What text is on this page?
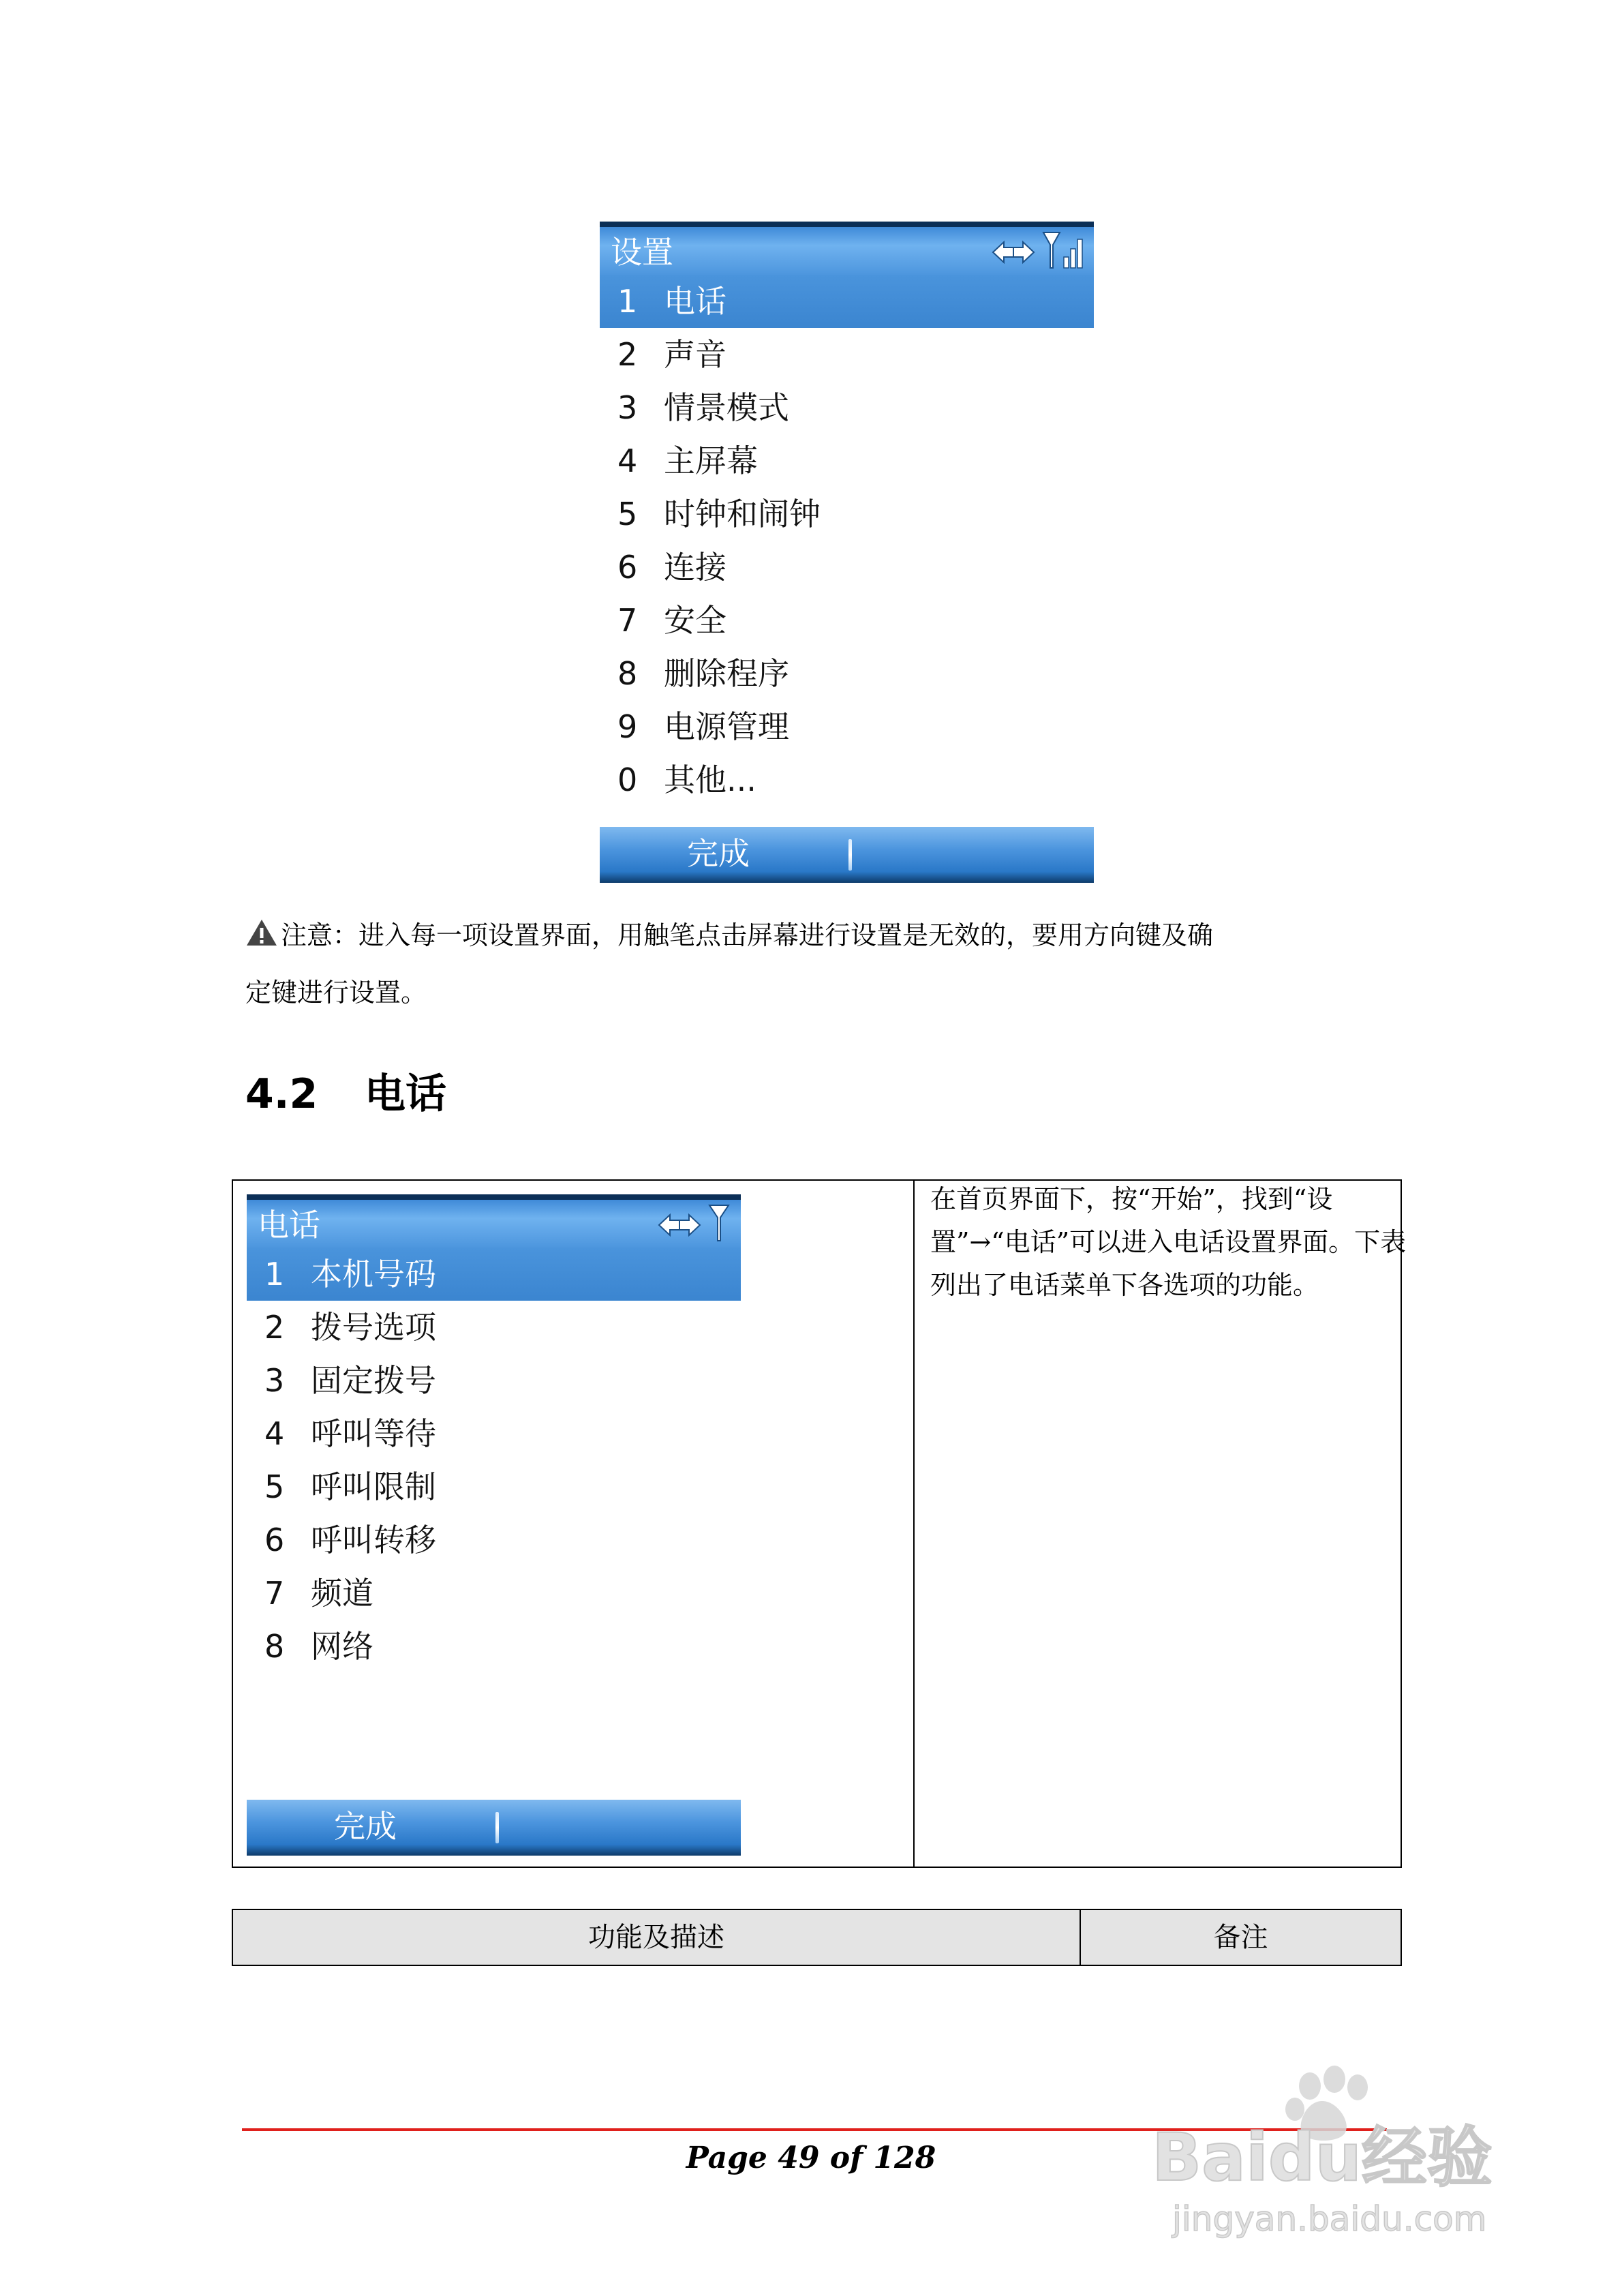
设置
1 电话
2 声音
3 情景模式
4 主屏幕
5 时钟和闹钟
6 连接
7 安全
8 删除程序
9 电源管理
0 其他...
完成
注意：进入每一项设置界面，用触笔点击屏幕进行设置是无效的，要用方向键及确
定键进行设置。
4.2 电话
电话
1 本机号码
2 拨号选项
3 固定拨号
4 呼叫等待
5 呼叫限制
6 呼叫转移
7 频道
8 网络
完成
在首页界面下，按“开始”，找到“设置”→“电话”可以进入电话设置界面。下表列出了电话菜单下各选项的功能。
功能及描述	备注
Page 49 of 128	Baidu经验
jingyan.baidu.com
